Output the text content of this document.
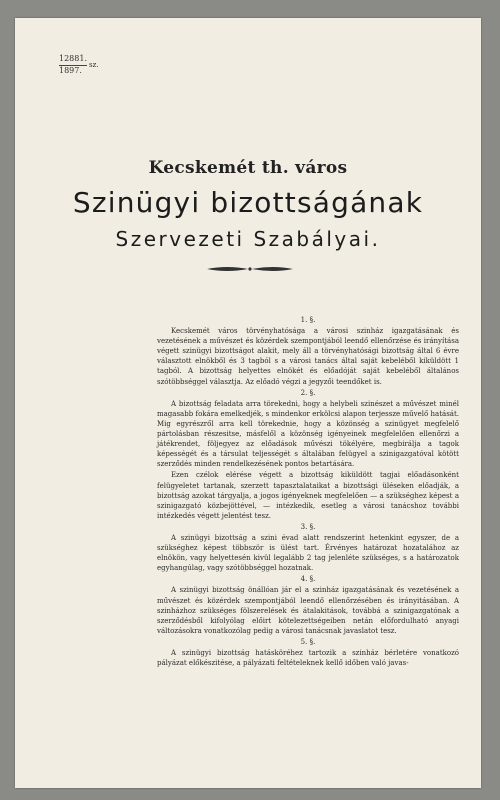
12881.
1897.
sz.
Kecskemét th. város
Szinügyi bizottságának
Szervezeti Szabályai.
1. §.

Kecskemét város törvényhatósága a városi szinház igazgatásának és vezetésének a művészet és közérdek szempontjából leendő ellenőrzése és irányítása végett szinügyi bizottságot alakit, mely áll a törvényhatósági bizottság által 6 évre választott elnökből és 3 tagból s a városi tanács által saját kebeléből kiküldött 1 tagból. A bizottság helyettes elnökét és előadóját saját kebeléből általános szótöbbséggel választja. Az előadó végzi a jegyzői teendőket is.

2. §.

A bizottság feladata arra törekedni, hogy a helybeli szinészet a művészet minél magasabb fokára emelkedjék, s mindenkor erkölcsi alapon terjessze művelő hatását. Mig egyrészről arra kell törekednie, hogy a közönség a szinügyet megfelelő pártolásban részesitse, másfelől a közönség igényeinek megfelelően ellenőrzi a játékrendet, följegyez az előadások művészi tökélyére, megbirálja a tagok képességét és a társulat teljességét s általában felügyel a szinigazgatóval kötött szerződés minden rendelkezésének pontos betartására.

Ezen czélok elérése végett a bizottság kiküldött tagjai előadásonként felügyeletet tartanak, szerzett tapasztalataikat a bizottsági üléseken előadják, a bizottság azokat tárgyalja, a jogos igényeknek megfelelően — a szükséghez képest a szinigazgató közbejöttével, — intézkedik, esetleg a városi tanácshoz további intézkedés végett jelentést tesz.

3. §.

A szinügyi bizottság a szini évad alatt rendszerint hetenkint egyszer, de a szükséghez képest többször is ülést tart. Érvényes határozat hozatalához az elnökön, vagy helyettesén kivül legalább 2 tag jelenléte szükséges, s a határozatok egyhangúlag, vagy szótöbbséggel hozatnak.

4. §.

A szinügyi bizottság önállóan jár el a szinház igazgatásának és vezetésének a művészet és közérdek szempontjából leendő ellenőrzésében és irányitásában. A szinházhoz szükséges fölszerelések és átalakitások, továbbá a szinigazgatónak a szerződésből kifolyólag előirt kötelezettségeiben netán előfordulható anyagi változásokra vonatkozólag pedig a városi tanácsnak javaslatot tesz.

5. §.

A szinügyi bizottság hatásköréhez tartozik a szinház bérletére vonatkozó pályázat előkészitése, a pályázati feltételeknek kellő időben való javas-
